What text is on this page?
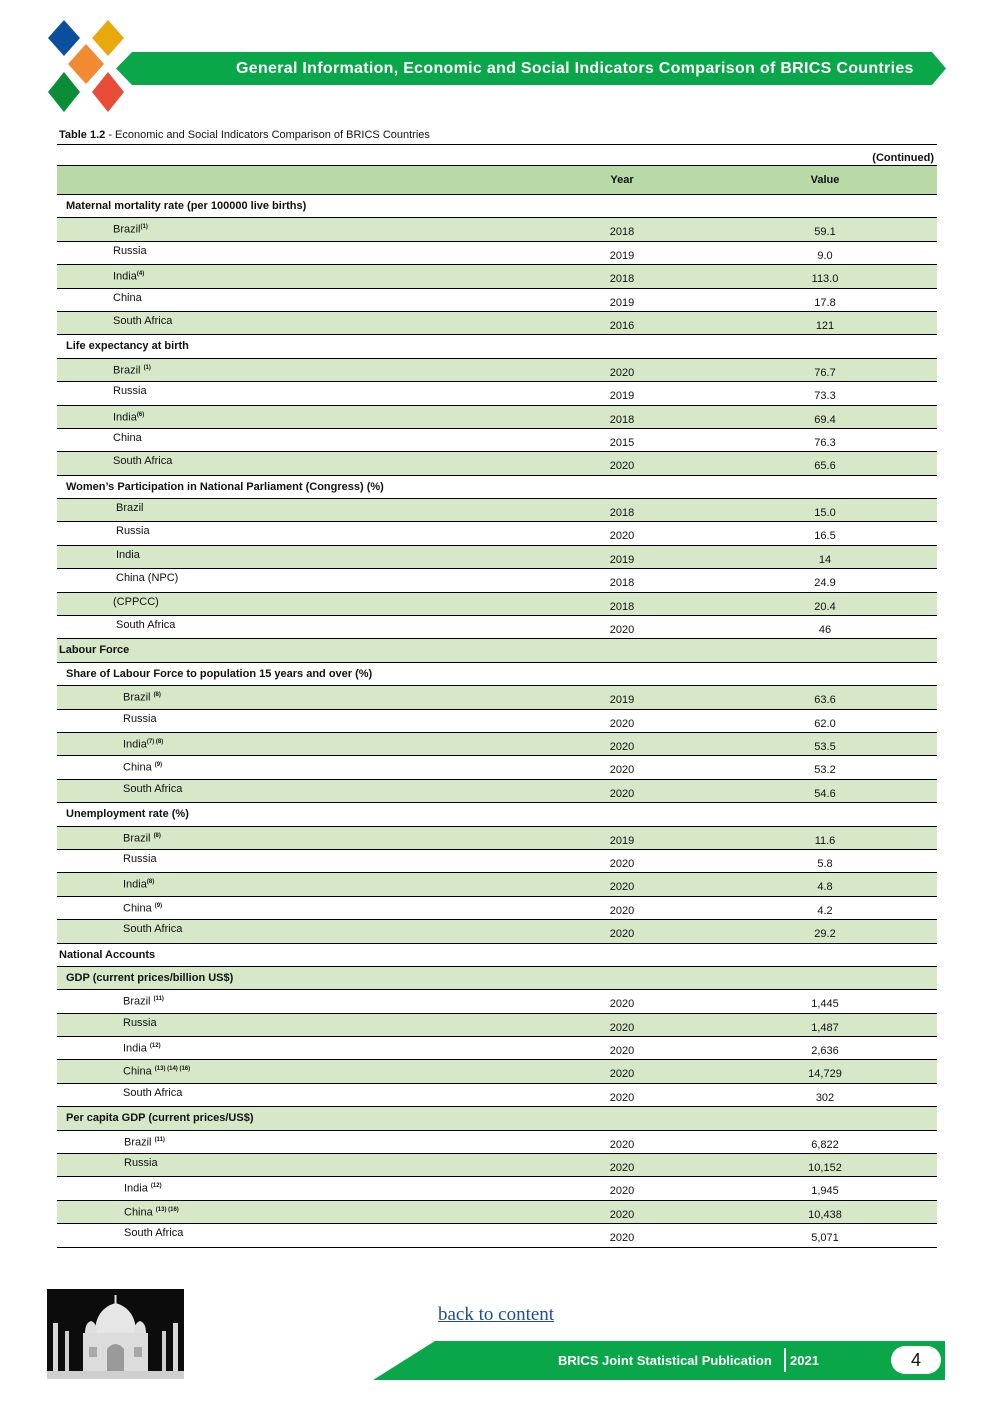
General Information, Economic and Social Indicators Comparison of BRICS Countries
Table 1.2 - Economic and Social Indicators Comparison of BRICS Countries
(Continued)
Year	Value
Maternal mortality rate (per 100000 live births)
Brazil$^{(1)}$	2018	59.1
Russia	2019	9.0
India$^{(4)}$	2018	113.0
China	2019	17.8
South Africa	2016	121
Life expectancy at birth
Brazil $^{(1)}$	2020	76.7
Russia	2019	73.3
India$^{(6)}$	2018	69.4
China	2015	76.3
South Africa	2020	65.6
Women’s Participation in National Parliament (Congress) (%)
Brazil	2018	15.0
Russia	2020	16.5
India	2019	14
China (NPC)	2018	24.9
(CPPCC)	2018	20.4
South Africa	2020	46
Labour Force
Share of Labour Force to population 15 years and over (%)
Brazil $^{(8)}$	2019	63.6
Russia	2020	62.0
India$^{(7) (8)}$	2020	53.5
China $^{(9)}$	2020	53.2
South Africa	2020	54.6
Unemployment rate (%)
Brazil $^{(8)}$	2019	11.6
Russia	2020	5.8
India$^{(8)}$	2020	4.8
China $^{(9)}$	2020	4.2
South Africa	2020	29.2
National Accounts
GDP (current prices/billion US$)
Brazil $^{(11)}$	2020	1,445
Russia	2020	1,487
India $^{(12)}$	2020	2,636
China $^{(13) (14) (16)}$	2020	14,729
South Africa	2020	302
Per capita GDP (current prices/US$)
Brazil $^{(11)}$	2020	6,822
Russia	2020	10,152
India $^{(12)}$	2020	1,945
China $^{(13) (16)}$	2020	10,438
South Africa	2020	5,071
back to content
BRICS Joint Statistical Publication 2021	4
